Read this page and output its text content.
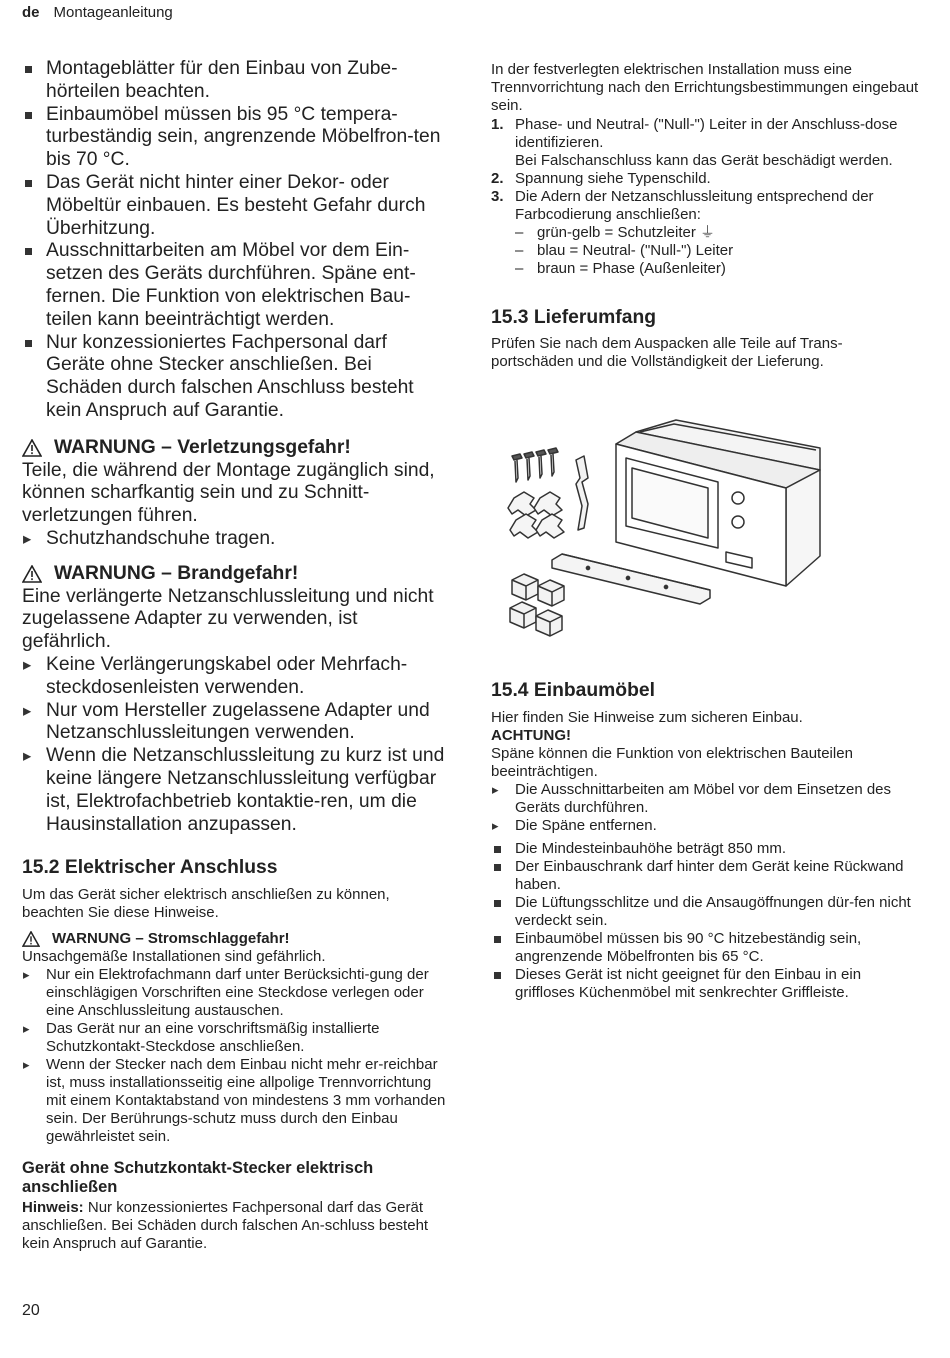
de Montageanleitung
Montageblätter für den Einbau von Zube-hörteilen beachten.
Einbaumöbel müssen bis 95 °C tempera-turbeständig sein, angrenzende Möbelfron-ten bis 70 °C.
Das Gerät nicht hinter einer Dekor- oder Möbeltür einbauen. Es besteht Gefahr durch Überhitzung.
Ausschnittarbeiten am Möbel vor dem Ein-setzen des Geräts durchführen. Späne ent-fernen. Die Funktion von elektrischen Bau-teilen kann beeinträchtigt werden.
Nur konzessioniertes Fachpersonal darf Geräte ohne Stecker anschließen. Bei Schäden durch falschen Anschluss besteht kein Anspruch auf Garantie.
WARNUNG – Verletzungsgefahr!

Teile, die während der Montage zugänglich sind, können scharfkantig sein und zu Schnitt-verletzungen führen.

▸ Schutzhandschuhe tragen.
WARNUNG – Brandgefahr!

Eine verlängerte Netzanschlussleitung und nicht zugelassene Adapter zu verwenden, ist gefährlich.

▸ Keine Verlängerungskabel oder Mehrfach-steckdosenleisten verwenden.
▸ Nur vom Hersteller zugelassene Adapter und Netzanschlussleitungen verwenden.
▸ Wenn die Netzanschlussleitung zu kurz ist und keine längere Netzanschlussleitung verfügbar ist, Elektrofachbetrieb kontaktie-ren, um die Hausinstallation anzupassen.
15.2 Elektrischer Anschluss

Um das Gerät sicher elektrisch anschließen zu können, beachten Sie diese Hinweise.

WARNUNG – Stromschlaggefahr!

Unsachgemäße Installationen sind gefährlich.

▸ Nur ein Elektrofachmann darf unter Berücksichti-gung der einschlägigen Vorschriften eine Steckdose verlegen oder eine Anschlussleitung austauschen.
▸ Das Gerät nur an eine vorschriftsmäßig installierte Schutzkontakt-Steckdose anschließen.
▸ Wenn der Stecker nach dem Einbau nicht mehr er-reichbar ist, muss installationsseitig eine allpolige Trennvorrichtung mit einem Kontaktabstand von mindestens 3 mm vorhanden sein. Der Berührungs-schutz muss durch den Einbau gewährleistet sein.
Gerät ohne Schutzkontakt-Stecker elektrisch anschließen

Hinweis: Nur konzessioniertes Fachpersonal darf das Gerät anschließen. Bei Schäden durch falschen An-schluss besteht kein Anspruch auf Garantie.

In der festverlegten elektrischen Installation muss eine Trennvorrichtung nach den Errichtungsbestimmungen eingebaut sein.

1. Phase- und Neutral- ("Null-") Leiter in der Anschluss-dose identifizieren.
Bei Falschanschluss kann das Gerät beschädigt werden.
2. Spannung siehe Typenschild.
3. Die Adern der Netzanschlussleitung entsprechend der Farbcodierung anschließen:
– grün-gelb = Schutzleiter ⏚
– blau = Neutral- ("Null-") Leiter
– braun = Phase (Außenleiter)
15.3 Lieferumfang

Prüfen Sie nach dem Auspacken alle Teile auf Trans-portschäden und die Vollständigkeit der Lieferung.

15.4 Einbaumöbel

Hier finden Sie Hinweise zum sicheren Einbau.

ACHTUNG!

Späne können die Funktion von elektrischen Bauteilen beeinträchtigen.

▸ Die Ausschnittarbeiten am Möbel vor dem Einsetzen des Geräts durchführen.
▸ Die Späne entfernen.
Die Mindesteinbauhöhe beträgt 850 mm.
Der Einbauschrank darf hinter dem Gerät keine Rückwand haben.
Die Lüftungsschlitze und die Ansaugöffnungen dür-fen nicht verdeckt sein.
Einbaumöbel müssen bis 90 °C hitzebeständig sein, angrenzende Möbelfronten bis 65 °C.
Dieses Gerät ist nicht geeignet für den Einbau in ein griffloses Küchenmöbel mit senkrechter Griffleiste.
20
